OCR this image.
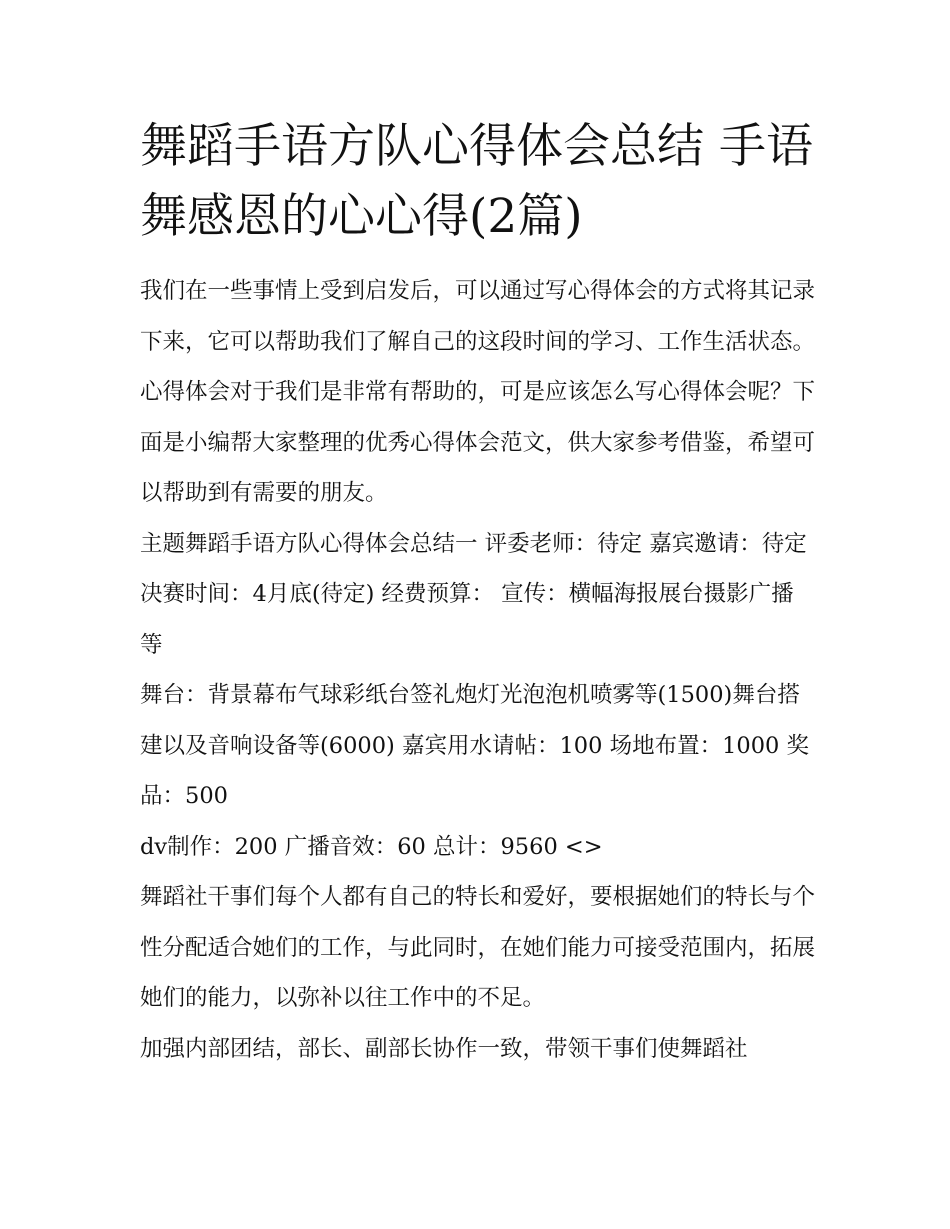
舞蹈手语方队心得体会总结 手语舞感恩的心心得(2篇)

我们在一些事情上受到启发后，可以通过写心得体会的方式将其记录下来，它可以帮助我们了解自己的这段时间的学习、工作生活状态。心得体会对于我们是非常有帮助的，可是应该怎么写心得体会呢？下面是小编帮大家整理的优秀心得体会范文，供大家参考借鉴，希望可以帮助到有需要的朋友。

主题舞蹈手语方队心得体会总结一 评委老师：待定 嘉宾邀请：待定 决赛时间：4月底(待定) 经费预算： 宣传：横幅海报展台摄影广播等

舞台：背景幕布气球彩纸台签礼炮灯光泡泡机喷雾等(1500)舞台搭建以及音响设备等(6000) 嘉宾用水请帖：100 场地布置：1000 奖品：500

dv制作：200 广播音效：60 总计：9560 <>

舞蹈社干事们每个人都有自己的特长和爱好，要根据她们的特长与个性分配适合她们的工作，与此同时，在她们能力可接受范围内，拓展她们的能力，以弥补以往工作中的不足。

加强内部团结，部长、副部长协作一致，带领干事们使舞蹈社
